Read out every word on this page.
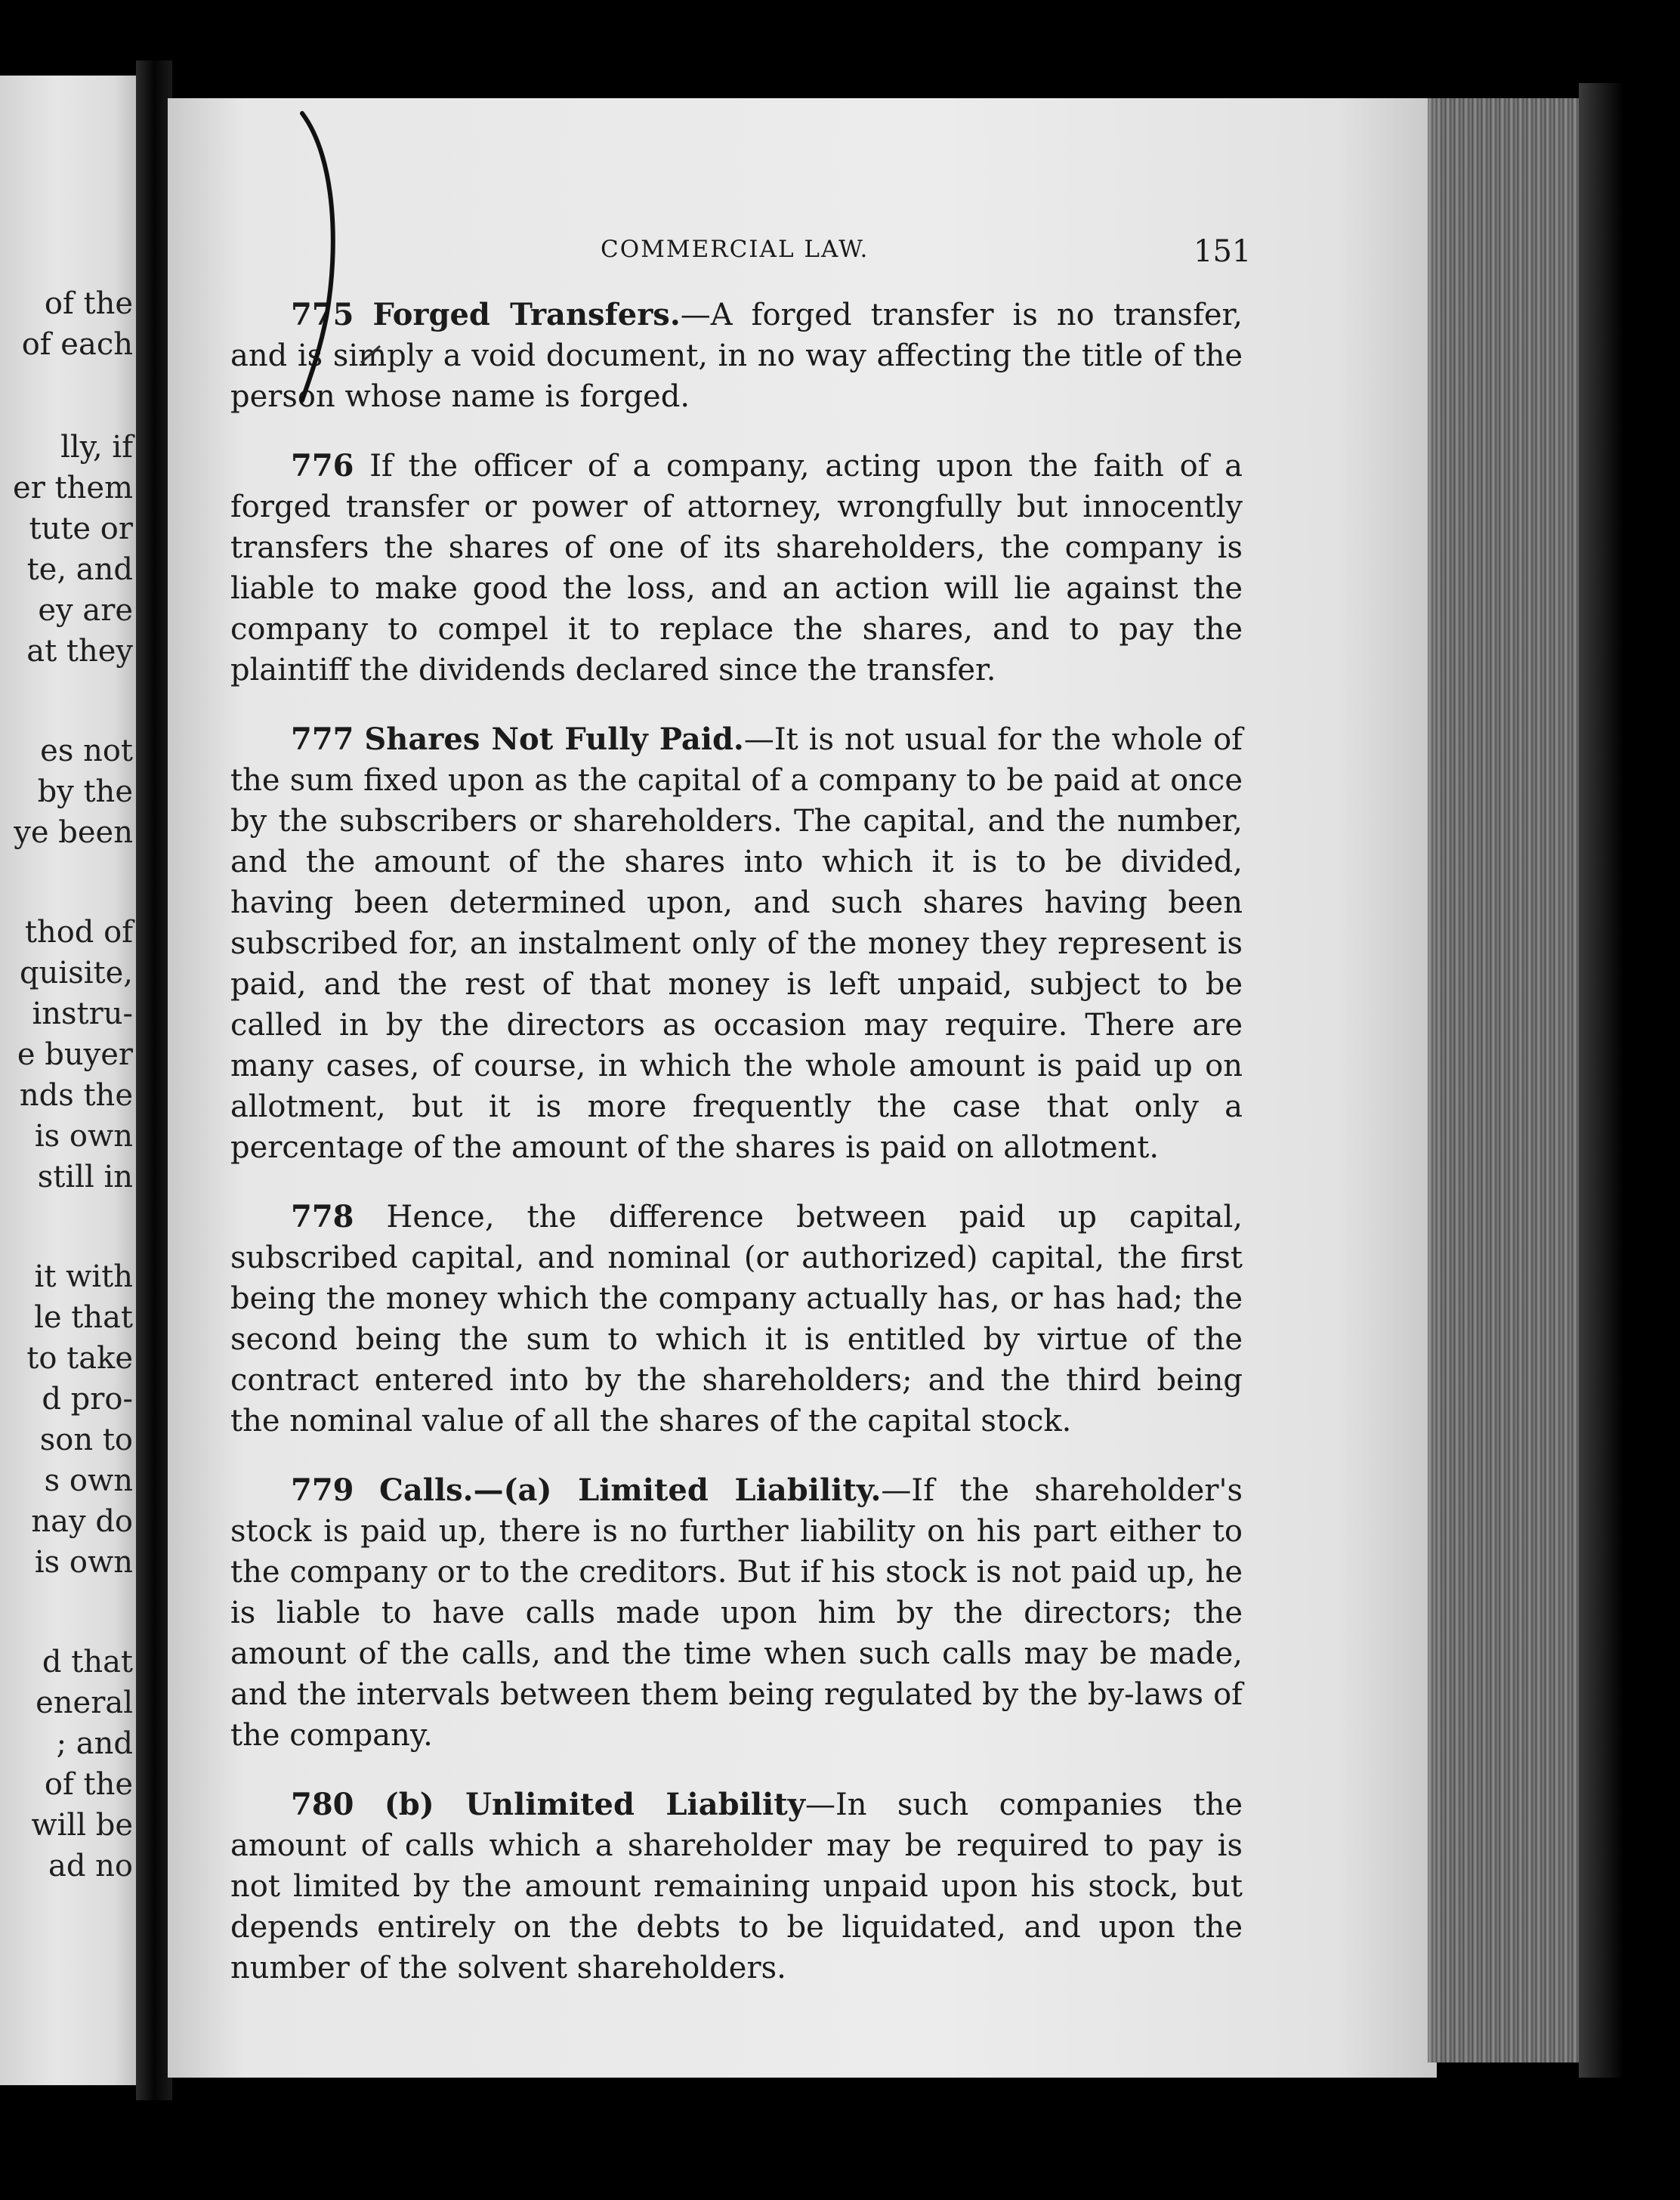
of the
of each
lly, if
er them
tute or
te, and
ey are
at they
es not
by the
ye been
thod of
quisite,
instru-
e buyer
nds the
is own
still in
it with
le that
to take
d pro-
son to
s own
nay do
is own
d that
eneral
; and
of the
will be
ad no
COMMERCIAL LAW.	151

775 Forged Transfers.—A forged transfer is no transfer, and is simply a void document, in no way affecting the title of the person whose name is forged.

776 If the officer of a company, acting upon the faith of a forged transfer or power of attorney, wrongfully but innocently transfers the shares of one of its shareholders, the company is liable to make good the loss, and an action will lie against the company to compel it to replace the shares, and to pay the plaintiff the dividends declared since the transfer.

777 Shares Not Fully Paid.—It is not usual for the whole of the sum fixed upon as the capital of a company to be paid at once by the subscribers or shareholders. The capital, and the number, and the amount of the shares into which it is to be divided, having been determined upon, and such shares having been subscribed for, an instalment only of the money they represent is paid, and the rest of that money is left unpaid, subject to be called in by the directors as occasion may require. There are many cases, of course, in which the whole amount is paid up on allotment, but it is more frequently the case that only a percentage of the amount of the shares is paid on allotment.

778 Hence, the difference between paid up capital, subscribed capital, and nominal (or authorized) capital, the first being the money which the company actually has, or has had; the second being the sum to which it is entitled by virtue of the contract entered into by the shareholders; and the third being the nominal value of all the shares of the capital stock.

779 Calls.—(a) Limited Liability.—If the shareholder's stock is paid up, there is no further liability on his part either to the company or to the creditors. But if his stock is not paid up, he is liable to have calls made upon him by the directors; the amount of the calls, and the time when such calls may be made, and the intervals between them being regulated by the by-laws of the company.

780 (b) Unlimited Liability—In such companies the amount of calls which a shareholder may be required to pay is not limited by the amount remaining unpaid upon his stock, but depends entirely on the debts to be liquidated, and upon the number of the solvent shareholders.
